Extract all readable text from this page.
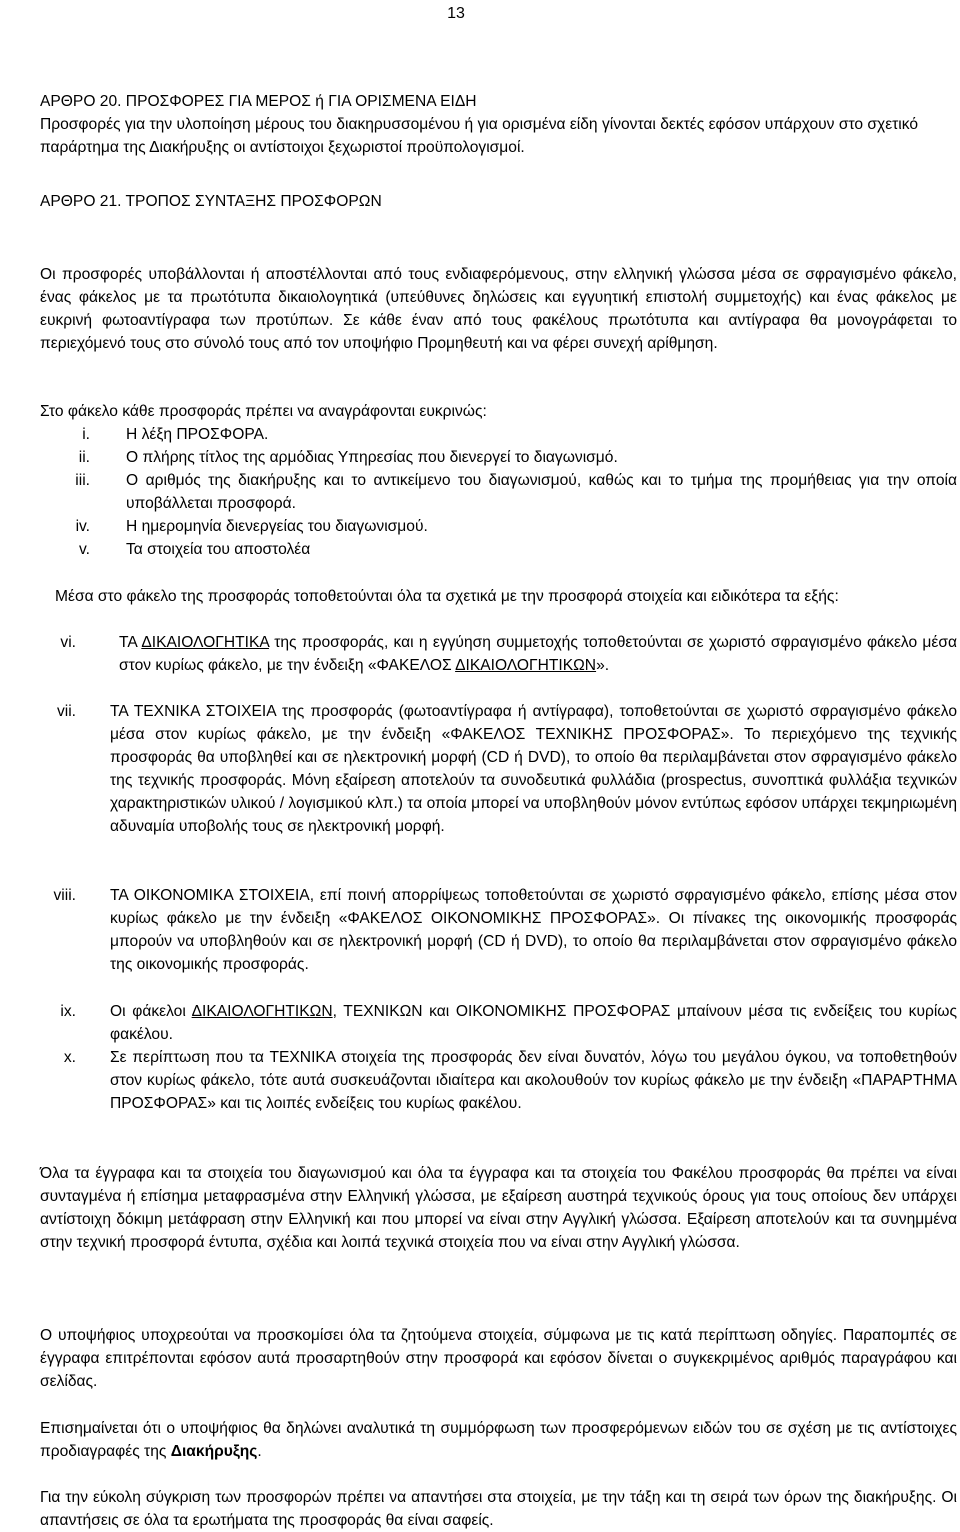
13

ΑΡΘΡΟ 20. ΠΡΟΣΦΟΡΕΣ ΓΙΑ ΜΕΡΟΣ ή ΓΙΑ ΟΡΙΣΜΕΝΑ ΕΙΔΗ

Προσφορές για την υλοποίηση μέρους του διακηρυσσομένου ή για ορισμένα είδη γίνονται δεκτές εφόσον υπάρχουν στο σχετικό παράρτημα της Διακήρυξης οι αντίστοιχοι ξεχωριστοί προϋπολογισμοί.

ΑΡΘΡΟ 21. ΤΡΟΠΟΣ ΣΥΝΤΑΞΗΣ ΠΡΟΣΦΟΡΩΝ

Οι προσφορές υποβάλλονται ή αποστέλλονται από τους ενδιαφερόμενους, στην ελληνική γλώσσα μέσα σε σφραγισμένο φάκελο, ένας φάκελος με τα πρωτότυπα δικαιολογητικά (υπεύθυνες δηλώσεις και εγγυητική επιστολή συμμετοχής) και ένας φάκελος με ευκρινή φωτοαντίγραφα των προτύπων. Σε κάθε έναν από τους φακέλους πρωτότυπα και αντίγραφα θα μονογράφεται το περιεχόμενό τους στο σύνολό τους από τον υποψήφιο Προμηθευτή και να φέρει συνεχή αρίθμηση.

Στο φάκελο κάθε προσφοράς πρέπει να αναγράφονται ευκρινώς:

i. Η λέξη ΠΡΟΣΦΟΡΑ.
ii. Ο πλήρης τίτλος της αρμόδιας Υπηρεσίας που διενεργεί το διαγωνισμό.
iii. Ο αριθμός της διακήρυξης και το αντικείμενο του διαγωνισμού, καθώς και το τμήμα της προμήθειας για την οποία υποβάλλεται προσφορά.
iv. Η ημερομηνία διενεργείας του διαγωνισμού.
v. Τα στοιχεία του αποστολέα

Μέσα στο φάκελο της προσφοράς τοποθετούνται όλα τα σχετικά με την προσφορά στοιχεία και ειδικότερα τα εξής:

vi.	ΤΑ ΔΙΚΑΙΟΛΟΓΗΤΙΚΑ της προσφοράς, και η εγγύηση συμμετοχής τοποθετούνται σε χωριστό σφραγισμένο φάκελο μέσα στον κυρίως φάκελο, με την ένδειξη «ΦΑΚΕΛΟΣ ΔΙΚΑΙΟΛΟΓΗΤΙΚΩΝ».
vii. ΤΑ ΤΕΧΝΙΚΑ ΣΤΟΙΧΕΙΑ της προσφοράς (φωτοαντίγραφα ή αντίγραφα), τοποθετούνται σε χωριστό σφραγισμένο φάκελο μέσα στον κυρίως φάκελο, με την ένδειξη «ΦΑΚΕΛΟΣ ΤΕΧΝΙΚΗΣ ΠΡΟΣΦΟΡΑΣ». Το περιεχόμενο της τεχνικής προσφοράς θα υποβληθεί και σε ηλεκτρονική μορφή (CD ή DVD), το οποίο θα περιλαμβάνεται στον σφραγισμένο φάκελο της τεχνικής προσφοράς. Μόνη εξαίρεση αποτελούν τα συνοδευτικά φυλλάδια (prospectus, συνοπτικά φυλλάξια τεχνικών χαρακτηριστικών υλικού / λογισμικού κλπ.) τα οποία μπορεί να υποβληθούν μόνον εντύπως εφόσον υπάρχει τεκμηριωμένη αδυναμία υποβολής τους σε ηλεκτρονική μορφή.
viii. ΤΑ ΟΙΚΟΝΟΜΙΚΑ ΣΤΟΙΧΕΙΑ, επί ποινή απορρίψεως τοποθετούνται σε χωριστό σφραγισμένο φάκελο, επίσης μέσα στον κυρίως φάκελο με την ένδειξη «ΦΑΚΕΛΟΣ ΟΙΚΟΝΟΜΙΚΗΣ ΠΡΟΣΦΟΡΑΣ». Οι πίνακες της οικονομικής προσφοράς μπορούν να υποβληθούν και σε ηλεκτρονική μορφή (CD ή DVD), το οποίο θα περιλαμβάνεται στον σφραγισμένο φάκελο της οικονομικής προσφοράς.
ix. Οι φάκελοι ΔΙΚΑΙΟΛΟΓΗΤΙΚΩΝ, ΤΕΧΝΙΚΩΝ και ΟΙΚΟΝΟΜΙΚΗΣ ΠΡΟΣΦΟΡΑΣ μπαίνουν μέσα τις ενδείξεις του κυρίως φακέλου.
x. Σε περίπτωση που τα ΤΕΧΝΙΚΑ στοιχεία της προσφοράς δεν είναι δυνατόν, λόγω του μεγάλου όγκου, να τοποθετηθούν στον κυρίως φάκελο, τότε αυτά συσκευάζονται ιδιαίτερα και ακολουθούν τον κυρίως φάκελο με την ένδειξη «ΠΑΡΑΡΤΗΜΑ ΠΡΟΣΦΟΡΑΣ» και τις λοιπές ενδείξεις του κυρίως φακέλου.

Όλα τα έγγραφα και τα στοιχεία του διαγωνισμού και όλα τα έγγραφα και τα στοιχεία του Φακέλου προσφοράς θα πρέπει να είναι συνταγμένα ή επίσημα μεταφρασμένα στην Ελληνική γλώσσα, με εξαίρεση αυστηρά τεχνικούς όρους για τους οποίους δεν υπάρχει αντίστοιχη δόκιμη μετάφραση στην Ελληνική και που μπορεί να είναι στην Αγγλική γλώσσα. Εξαίρεση αποτελούν και τα συνημμένα στην τεχνική προσφορά έντυπα, σχέδια και λοιπά τεχνικά στοιχεία που να είναι στην Αγγλική γλώσσα.

Ο υποψήφιος υποχρεούται να προσκομίσει όλα τα ζητούμενα στοιχεία, σύμφωνα με τις κατά περίπτωση οδηγίες. Παραπομπές σε έγγραφα επιτρέπονται εφόσον αυτά προσαρτηθούν στην προσφορά και εφόσον δίνεται ο συγκεκριμένος αριθμός παραγράφου και σελίδας.

Επισημαίνεται ότι ο υποψήφιος θα δηλώνει αναλυτικά τη συμμόρφωση των προσφερόμενων ειδών του σε σχέση με τις αντίστοιχες προδιαγραφές της Διακήρυξης.

Για την εύκολη σύγκριση των προσφορών πρέπει να απαντήσει στα στοιχεία, με την τάξη και τη σειρά των όρων της διακήρυξης. Οι απαντήσεις σε όλα τα ερωτήματα της προσφοράς θα είναι σαφείς.
